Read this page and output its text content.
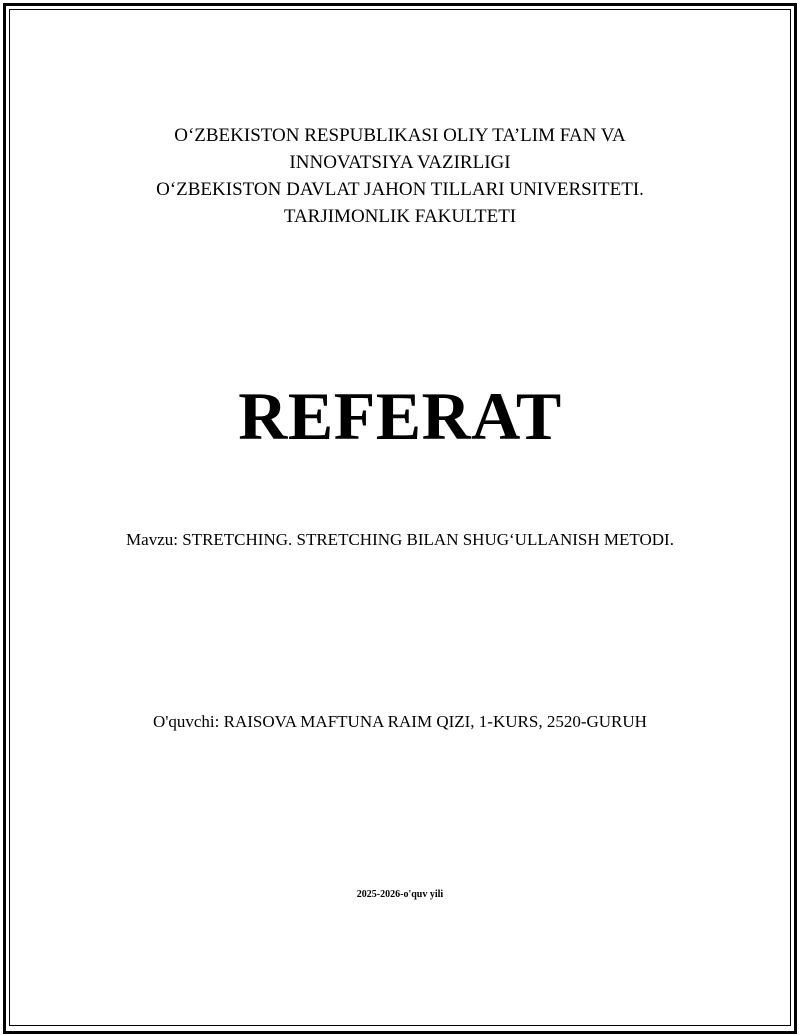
O‘ZBEKISTON RESPUBLIKASI OLIY TA’LIM FAN VA
INNOVATSIYA VAZIRLIGI
O‘ZBEKISTON DAVLAT JAHON TILLARI UNIVERSITETI.
TARJIMONLIK FAKULTETI
REFERAT
Mavzu: STRETCHING. STRETCHING BILAN SHUG‘ULLANISH METODI.
O'quvchi: RAISOVA MAFTUNA RAIM QIZI, 1-KURS, 2520-GURUH
2025-2026-o'quv yili
